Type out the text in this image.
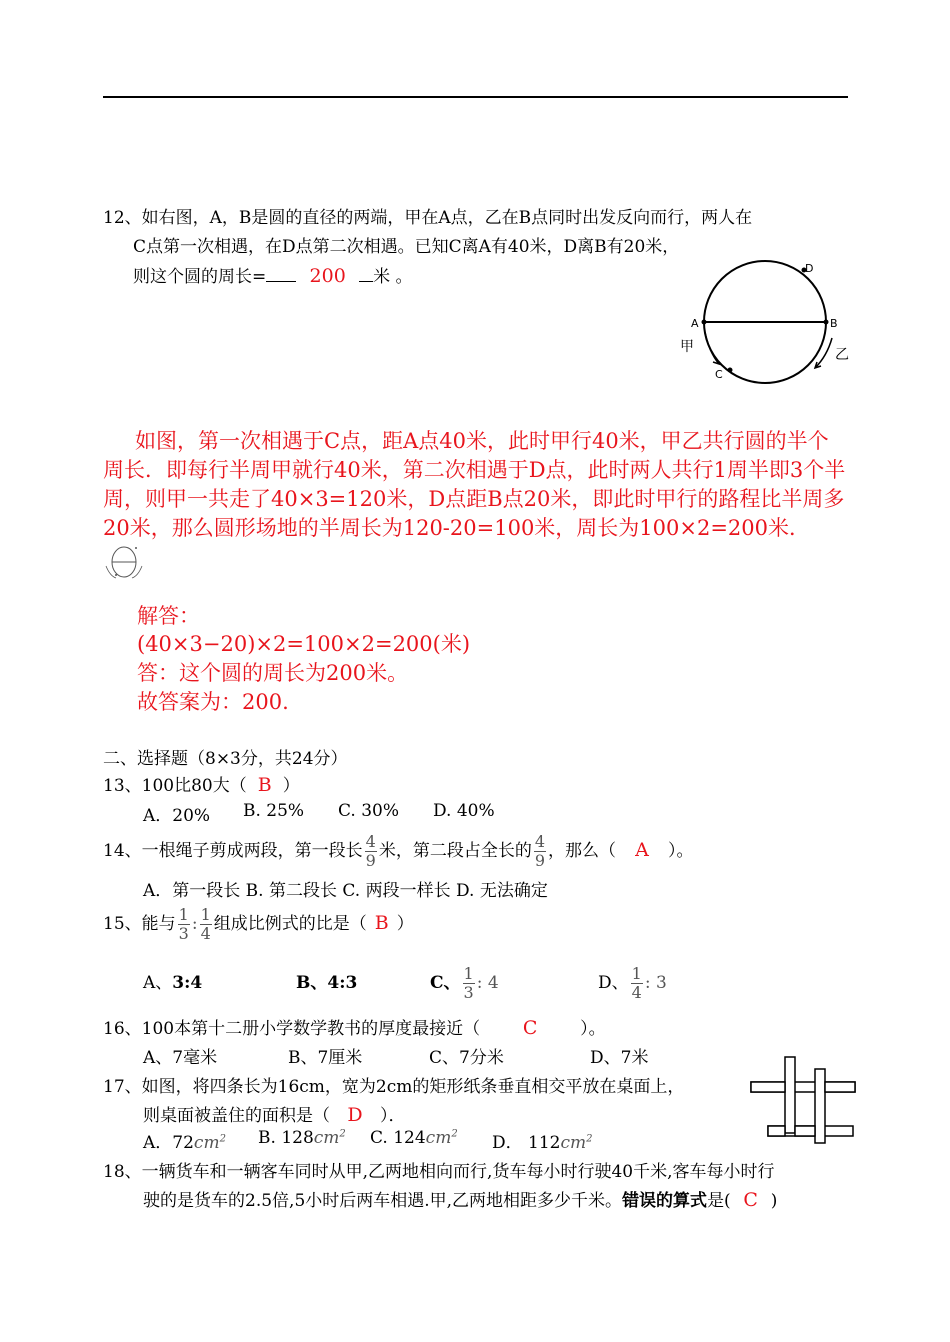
12、如右图，A，B是圆的直径的两端，甲在A点，乙在B点同时出发反向而行，两人在
C点第一次相遇，在D点第二次相遇。已知C离A有40米，D离B有20米，
则这个圆的周长= 200 米 。
A	B
C
D
甲	乙
如图，第一次相遇于C点，距A点40米，此时甲行40米，甲乙共行圆的半个周长．即每行半周甲就行40米，第二次相遇于D点，此时两人共行1周半即3个半周，则甲一共走了40×3=120米，D点距B点20米，即此时甲行的路程比半周多20米，那么圆形场地的半周长为120-20=100米，周长为100×2=200米．
解答：
(40×3−20)×2=100×2=200(米)
答：这个圆的周长为200米。
故答案为：200.
二、选择题（8×3分，共24分）
13、100比80大（ B ）
A．20% B. 25% C. 30% D. 40%
14、一根绳子剪成两段，第一段长 $\frac{4}{9}$ 米，第二段占全长的 $\frac{4}{9}$ ，那么（ A ）。
A．第一段长 B. 第二段长 C. 两段一样长 D. 无法确定
15、能与 $\frac{1}{3}$ : $\frac{1}{4}$ 组成比例式的比是（ B ）
A、3:4	B、4:3	C、 $\frac{1}{3}$ : 4	D、 $\frac{1}{4}$ : 3
16、100本第十二册小学数学教书的厚度最接近（ C	）。
A、7毫米	B、7厘米	C、7分米	D、7米
17、如图，将四条长为16cm，宽为2cm的矩形纸条垂直相交平放在桌面上，
则桌面被盖住的面积是（ D ）．
A．$72cm^2$ B. $128cm^2$ C. $124cm^2$ D． $112cm^2$
18、一辆货车和一辆客车同时从甲,乙两地相向而行,货车每小时行驶40千米,客车每小时行
驶的是货车的2.5倍,5小时后两车相遇.甲,乙两地相距多少千米。错误的算式是( C )
